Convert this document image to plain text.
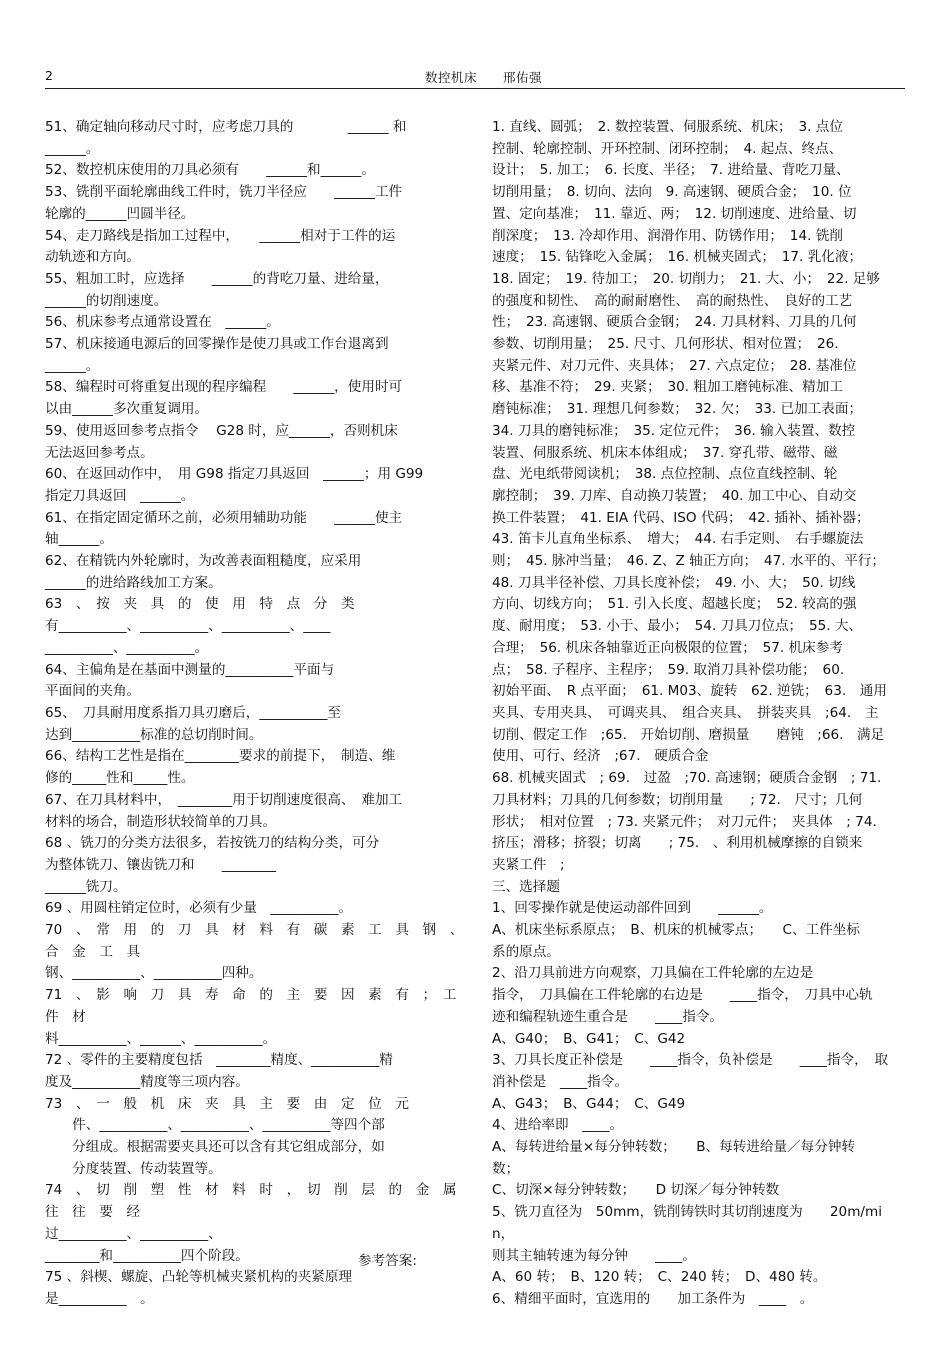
2	数控机床　　邢佑强
51、确定轴向移动尺寸时，应考虑刀具的　　　　______ 和
______。
52、数控机床使用的刀具必须有　　______和______。
53、铣削平面轮廓曲线工件时，铣刀半径应　　______工件
轮廓的______凹圆半径。
54、走刀路线是指加工过程中，　　______相对于工件的运
动轨迹和方向。
55、粗加工时，应选择　　______的背吃刀量、进给量，
______的切削速度。
56、机床参考点通常设置在　______。
57、机床接通电源后的回零操作是使刀具或工作台退离到
______。
58、编程时可将重复出现的程序编程　　______，使用时可
以由______多次重复调用。
59、使用返回参考点指令　 G28 时，应______，否则机床
无法返回参考点。
60、在返回动作中，　用 G98 指定刀具返回　______；用 G99
指定刀具返回　______。
61、在指定固定循环之前，必须用辅助功能　　______使主
轴______。
62、在精铣内外轮廓时，为改善表面粗糙度，应采用
______的进给路线加工方案。
63　、　按　夹　具　的　使　用　特　点　分　类
有__________、__________、__________、____
__________、__________。
64、主偏角是在基面中测量的__________平面与
平面间的夹角。
65、　刀具耐用度系指刀具刃磨后，__________至
达到__________标准的总切削时间。
66、结构工艺性是指在________要求的前提下，　制造、维
修的_____性和_____性。
67、在刀具材料中，　________用于切削速度很高、　难加工
材料的场合，制造形状较简单的刀具。
68 、铣刀的分类方法很多，若按铣刀的结构分类，可分
为整体铣刀、镶齿铣刀和　　________
______铣刀。
69 、用圆柱销定位时，必须有少量　__________。
70　、　常　用　的　刀　具　材　料　有　碳　素　工　具　钢　、　合　金　工　具
钢、__________、__________四种。
71　、　影　响　刀　具　寿　命　的　主　要　因　素　有　；　工　件　材
料__________、______、__________。
72 、零件的主要精度包括　________精度、__________精
度及__________精度等三项内容。
73　、　一　般　机　床　夹　具　主　要　由　定　位　元
　　件、__________、__________、__________等四个部
　　分组成。根据需要夹具还可以含有其它组成部分，如
　　分度装置、传动装置等。
74　、　切　削　塑　性　材　料　时　，　切　削　层　的　金　属　往　往　要　经
过__________、__________、
________和__________四个阶段。
75 、斜楔、螺旋、凸轮等机械夹紧机构的夹紧原理
是__________　。
参考答案:
1. 直线、圆弧；　2. 数控装置、伺服系统、机床；　3. 点位
控制、轮廓控制、开环控制、闭环控制；　4. 起点、终点、
设计；　5. 加工；　6. 长度、半径；　7. 进给量、背吃刀量、
切削用量；　8. 切向、法向　9. 高速钢、硬质合金；　10. 位
置、定向基准；　11. 靠近、两；　12. 切削速度、进给量、切
削深度；　13. 冷却作用、润滑作用、防锈作用；　14. 铣削
速度；　15. 钻锋吃入金属；　16. 机械夹固式；　17. 乳化液；
18. 固定；　19. 待加工；　20. 切削力；　21. 大、小；　22. 足够
的强度和韧性、　高的耐耐磨性、　高的耐热性、　良好的工艺
性；　23. 高速钢、硬质合金钢；　24. 刀具材料、刀具的几何
参数、切削用量；　25. 尺寸、几何形状、相对位置；　26.
夹紧元件、对刀元件、夹具体；　27. 六点定位；　28. 基准位
移、基准不符；　29. 夹紧；　30. 粗加工磨钝标准、精加工
磨钝标准；　31. 理想几何参数；　32. 欠；　33. 已加工表面；
34. 刀具的磨钝标准；　35. 定位元件；　36. 输入装置、数控
装置、伺服系统、机床本体组成；　37. 穿孔带、磁带、磁
盘、光电纸带阅读机；　38. 点位控制、点位直线控制、轮
廓控制；　39. 刀库、自动换刀装置；　40. 加工中心、自动交
换工件装置；　41. EIA 代码、ISO 代码；　42. 插补、插补器；
43. 笛卡儿直角坐标系、　增大；　44. 右手定则、　右手螺旋法
则；　45. 脉冲当量；　46. Z、Z 轴正方向；　47. 水平的、平行；
48. 刀具半径补偿、刀具长度补偿；　49. 小、大；　50. 切线
方向、切线方向；　51. 引入长度、超越长度；　52. 较高的强
度、耐用度；　53. 小于、最小；　54. 刀具刀位点；　55. 大、
合理；　56. 机床各轴靠近正向极限的位置；　57. 机床参考
点；　58. 子程序、主程序；　59. 取消刀具补偿功能；　60.
初始平面、　R 点平面；　61. M03、旋转　62. 逆铣；　63.　通用
夹具、专用夹具、　可调夹具、　组合夹具、　拼装夹具　;64.　主
切削、假定工作　;65.　开始切削、磨损量　　磨钝　;66.　满足
使用、可行、经济　;67.　硬质合金
68. 机械夹固式　; 69.　过盈　;70. 高速钢；硬质合金钢　; 71.
刀具材料；刀具的几何参数；切削用量　　; 72.　尺寸；几何
形状；　相对位置　; 73. 夹紧元件；　对刀元件；　夹具体　; 74.
挤压；滑移；挤裂；切离　　; 75.　、利用机械摩擦的自锁来
夹紧工件　;
三、选择题
1、回零操作就是使运动部件回到　　______。
A、机床坐标系原点；　B、机床的机械零点；　　C、工件坐标
系的原点。
2、沿刀具前进方向观察，刀具偏在工件轮廓的左边是
指令，　刀具偏在工件轮廓的右边是　　____指令，　刀具中心轨
迹和编程轨迹生重合是　　____指令。
A、G40；　B、G41；　C、G42
3、刀具长度正补偿是　　____指令，负补偿是　　____指令，　取
消补偿是　____指令。
A、G43；　B、G44；　C、G49
4、进给率即　____。
A、每转进给量×每分钟转数；　　B、每转进给量／每分钟转
数；
C、切深×每分钟转数；　　D 切深／每分钟转数
5、铣刀直径为　50mm，铣削铸铁时其切削速度为　　20m/min，
则其主轴转速为每分钟　　____。
A、60 转；　B、120 转；　C、240 转；　D、480 转。
6、精细平面时，宜选用的　　加工条件为　____　。
